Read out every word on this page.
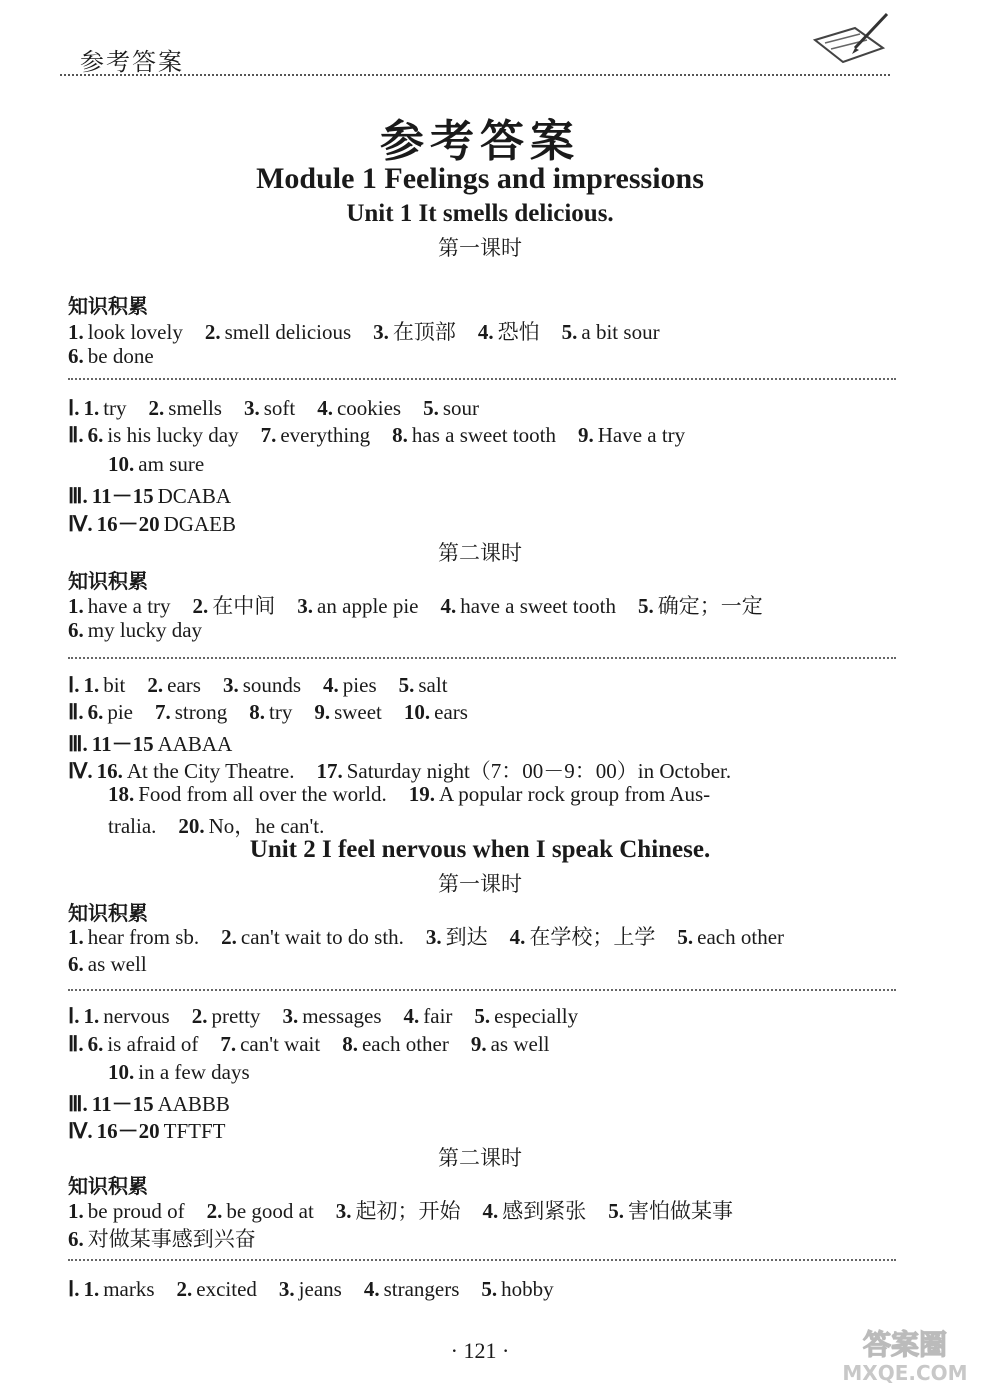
参考答案
参考答案
Module 1 Feelings and impressions
Unit 1 It smells delicious.
第一课时
知识积累
1. look lovely 2. smell delicious 3. 在顶部 4. 恐怕 5. a bit sour
6. be done
Ⅰ. 1. try 2. smells 3. soft 4. cookies 5. sour
Ⅱ. 6. is his lucky day 7. everything 8. has a sweet tooth 9. Have a try
10. am sure
Ⅲ. 11－15 DCABA
Ⅳ. 16－20 DGAEB
第二课时
知识积累
1. have a try 2. 在中间 3. an apple pie 4. have a sweet tooth 5. 确定；一定
6. my lucky day
Ⅰ. 1. bit 2. ears 3. sounds 4. pies 5. salt
Ⅱ. 6. pie 7. strong 8. try 9. sweet 10. ears
Ⅲ. 11－15 AABAA
Ⅳ. 16. At the City Theatre. 17. Saturday night（7：00－9：00）in October.
18. Food from all over the world. 19. A popular rock group from Aus-
tralia. 20. No，he can't.
Unit 2 I feel nervous when I speak Chinese.
第一课时
知识积累
1. hear from sb. 2. can't wait to do sth. 3. 到达 4. 在学校；上学 5. each other
6. as well
Ⅰ. 1. nervous 2. pretty 3. messages 4. fair 5. especially
Ⅱ. 6. is afraid of 7. can't wait 8. each other 9. as well
10. in a few days
Ⅲ. 11－15 AABBB
Ⅳ. 16－20 TFTFT
第二课时
知识积累
1. be proud of 2. be good at 3. 起初；开始 4. 感到紧张 5. 害怕做某事
6. 对做某事感到兴奋
Ⅰ. 1. marks 2. excited 3. jeans 4. strangers 5. hobby
· 121 ·	答案圈
MXQE.COM
